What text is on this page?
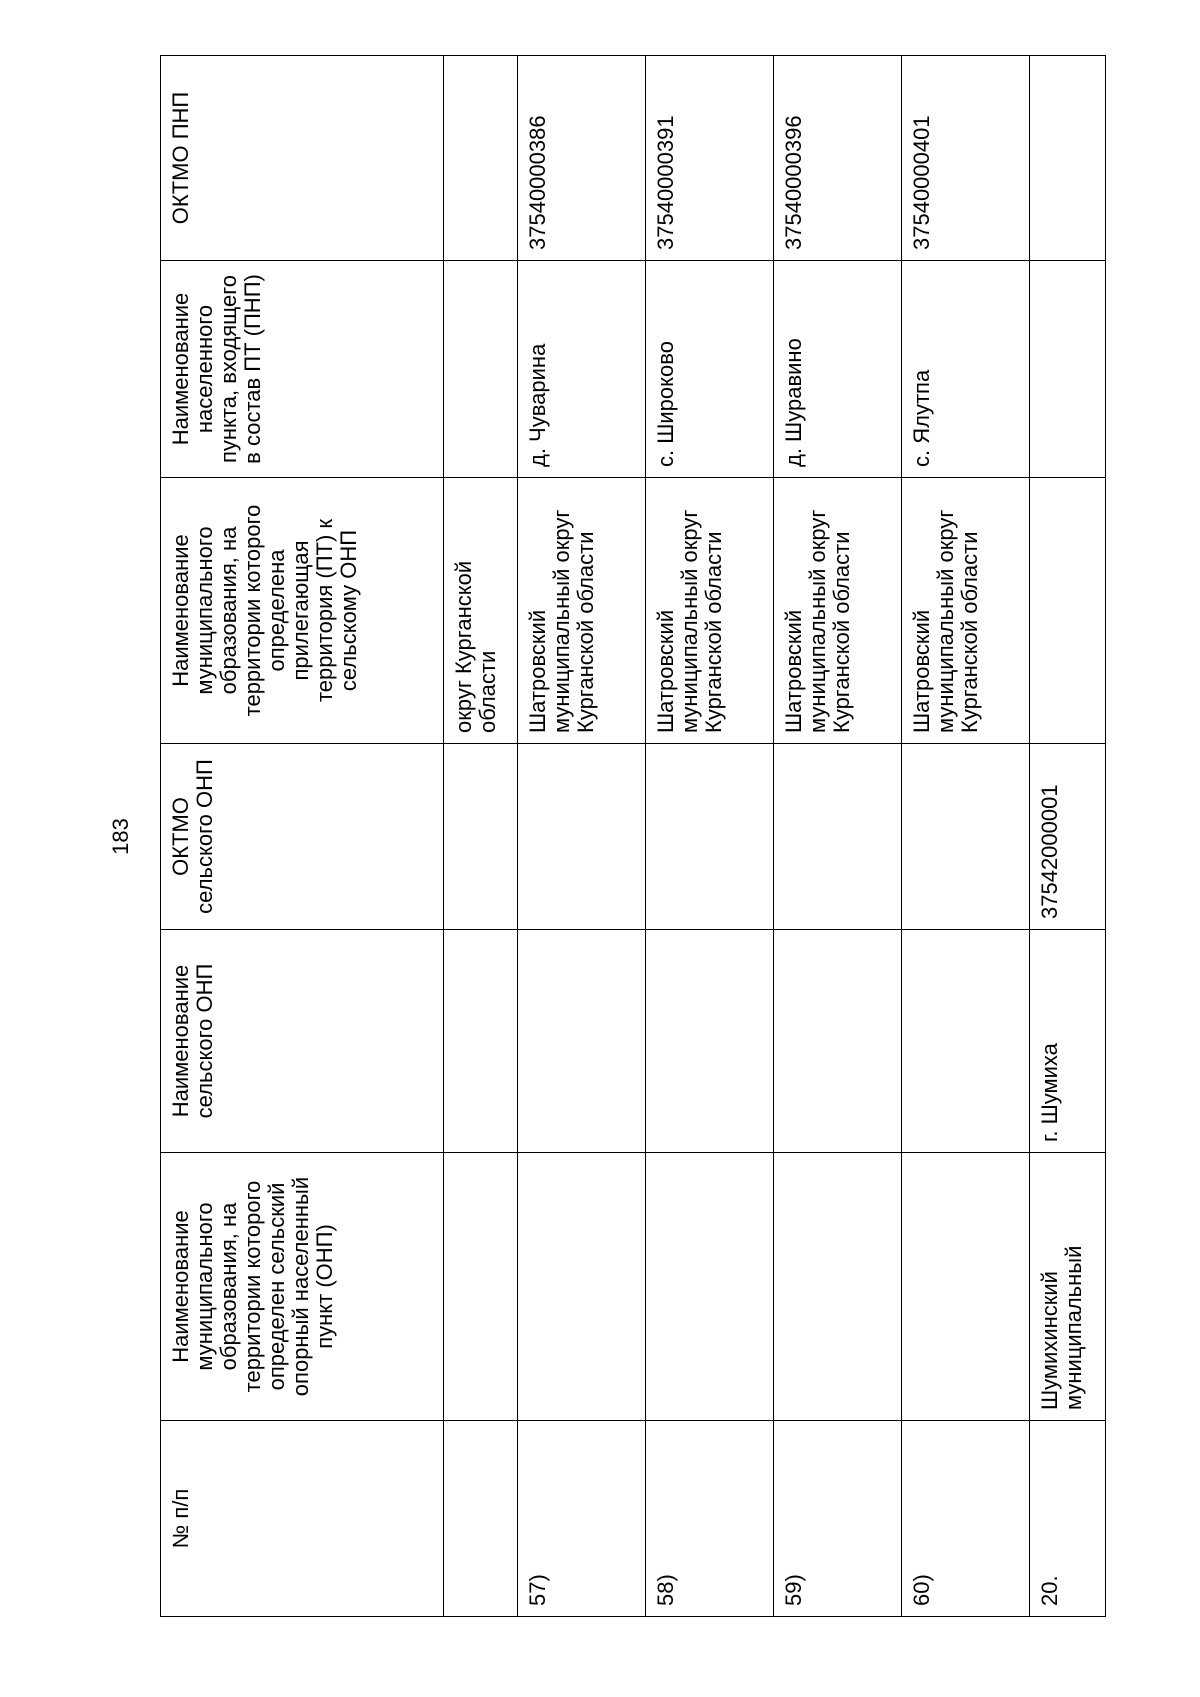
183
№ п/п	Наименование муниципального образования, на территории которого определен сельский опорный населенный пункт (ОНП)	Наименование сельского ОНП	ОКТМО сельского ОНП	Наименование муниципального образования, на территории которого определена прилегающая территория (ПТ) к сельскому ОНП	Наименование населенного пункта, входящего в состав ПТ (ПНП)	ОКТМО ПНП
				округ Курганской области		
57)				Шатровский муниципальный округ Курганской области	д. Чуварина	37540000386
58)				Шатровский муниципальный округ Курганской области	с. Широково	37540000391
59)				Шатровский муниципальный округ Курганской области	д. Шуравино	37540000396
60)				Шатровский муниципальный округ Курганской области	с. Ялутпа	37540000401
20.	Шумихинский муниципальный	г. Шумиха	37542000001			
